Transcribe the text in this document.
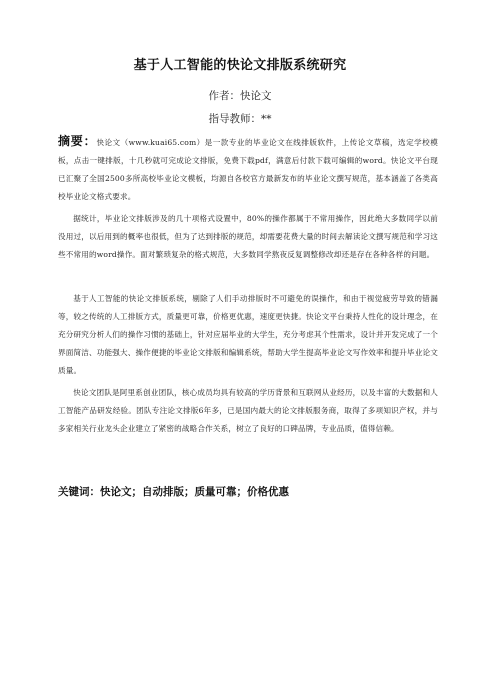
基于人工智能的快论文排版系统研究
作者：快论文
指导教师：**
摘要：快论文（www.kuai65.com）是一款专业的毕业论文在线排版软件，上传论文草稿，选定学校模板，点击一键排版，十几秒就可完成论文排版，免费下载pdf，满意后付款下载可编辑的word。快论文平台现已汇聚了全国2500多所高校毕业论文模板，均源自各校官方最新发布的毕业论文撰写规范，基本涵盖了各类高校毕业论文格式要求。
据统计，毕业论文排版涉及的几十项格式设置中，80%的操作都属于不常用操作，因此绝大多数同学以前没用过，以后用到的概率也很低，但为了达到排版的规范，却需要花费大量的时间去解读论文撰写规范和学习这些不常用的word操作。面对繁琐复杂的格式规范，大多数同学熬夜反复调整修改却还是存在各种各样的问题。
基于人工智能的快论文排版系统，剔除了人们手动排版时不可避免的误操作，和由于视觉疲劳导致的错漏等，较之传统的人工排版方式，质量更可靠，价格更优惠，速度更快捷。快论文平台秉持人性化的设计理念，在充分研究分析人们的操作习惯的基础上，针对应届毕业的大学生，充分考虑其个性需求，设计并开发完成了一个界面简洁、功能强大、操作便捷的毕业论文排版和编辑系统，帮助大学生提高毕业论文写作效率和提升毕业论文质量。
快论文团队是阿里系创业团队，核心成员均具有较高的学历背景和互联网从业经历，以及丰富的大数据和人工智能产品研发经验。团队专注论文排版6年多，已是国内最大的论文排版服务商，取得了多项知识产权，并与多家相关行业龙头企业建立了紧密的战略合作关系，树立了良好的口碑品牌，专业品质，值得信赖。
关键词：快论文；自动排版；质量可靠；价格优惠
